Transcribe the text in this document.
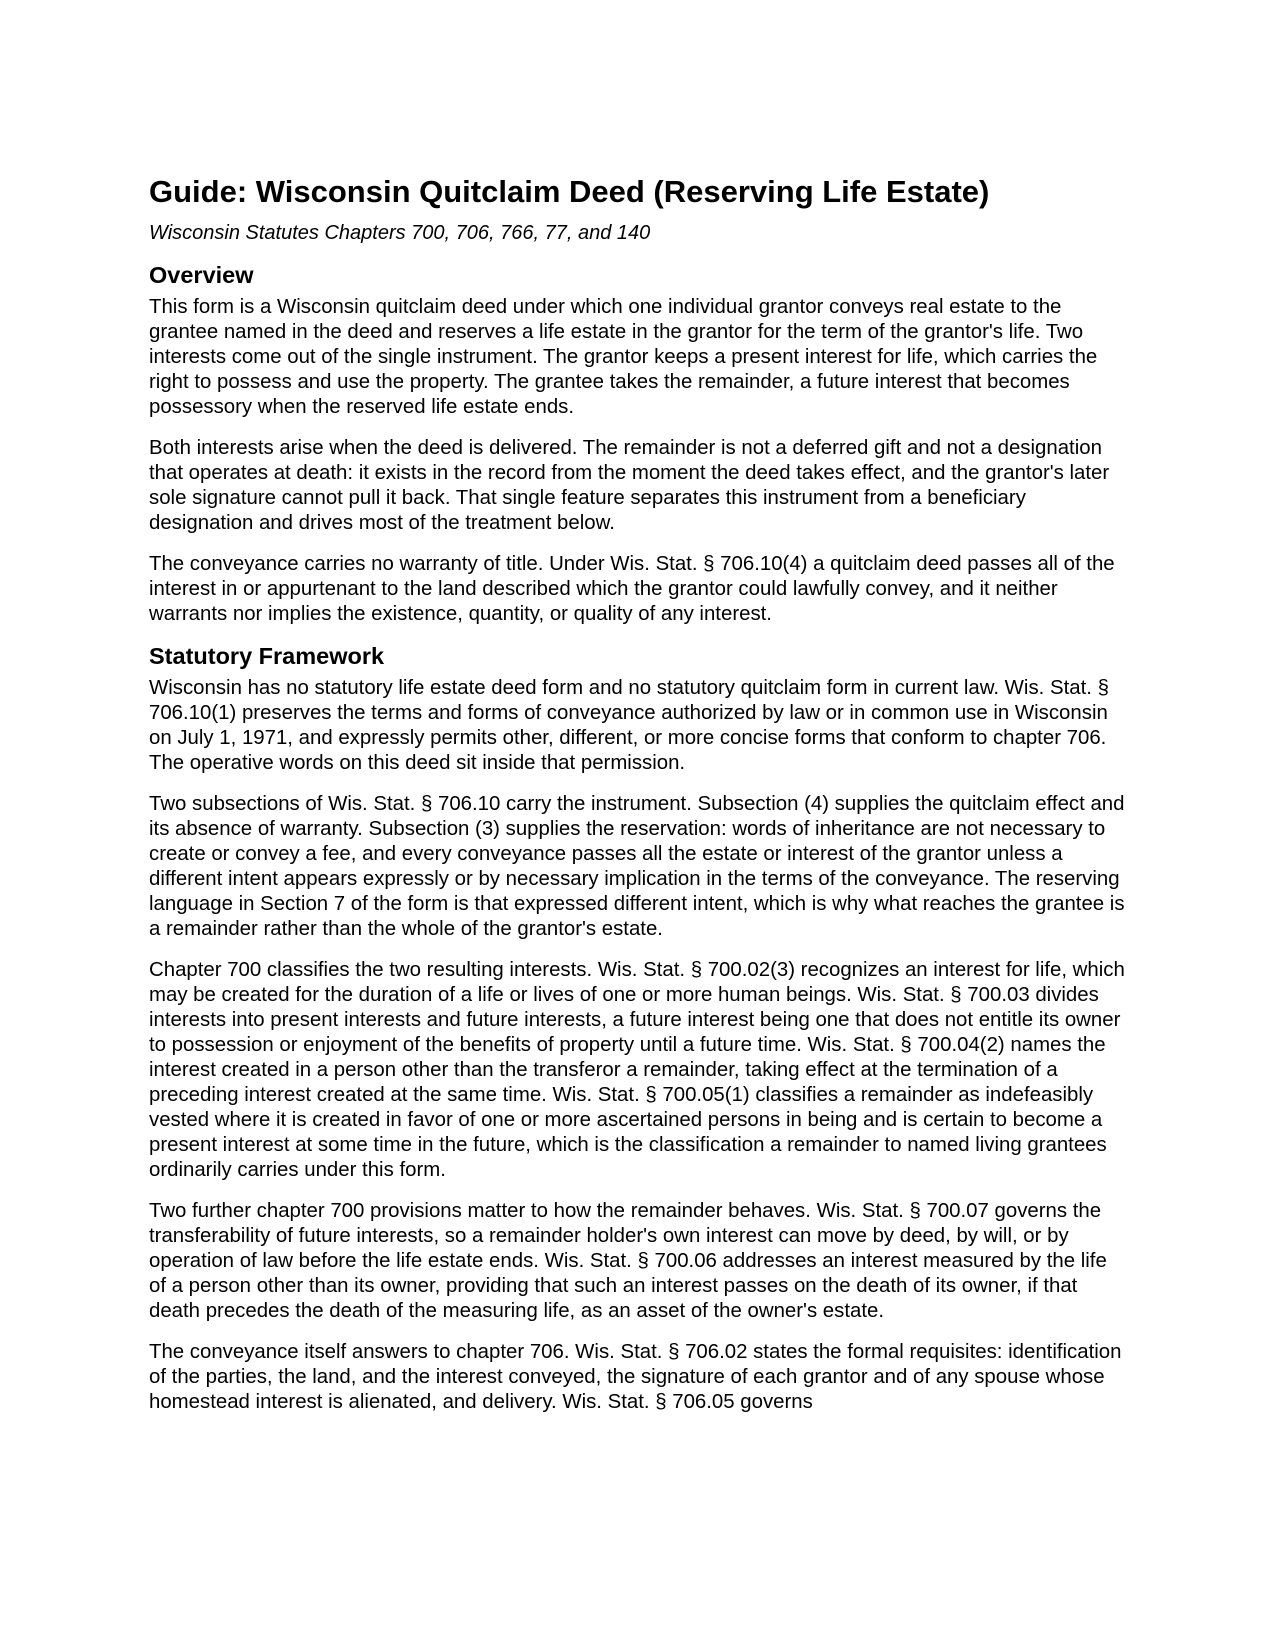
Guide: Wisconsin Quitclaim Deed (Reserving Life Estate)
Wisconsin Statutes Chapters 700, 706, 766, 77, and 140
Overview

This form is a Wisconsin quitclaim deed under which one individual grantor conveys real estate to the grantee named in the deed and reserves a life estate in the grantor for the term of the grantor's life. Two interests come out of the single instrument. The grantor keeps a present interest for life, which carries the right to possess and use the property. The grantee takes the remainder, a future interest that becomes possessory when the reserved life estate ends.

Both interests arise when the deed is delivered. The remainder is not a deferred gift and not a designation that operates at death: it exists in the record from the moment the deed takes effect, and the grantor's later sole signature cannot pull it back. That single feature separates this instrument from a beneficiary designation and drives most of the treatment below.

The conveyance carries no warranty of title. Under Wis. Stat. § 706.10(4) a quitclaim deed passes all of the interest in or appurtenant to the land described which the grantor could lawfully convey, and it neither warrants nor implies the existence, quantity, or quality of any interest.

Statutory Framework

Wisconsin has no statutory life estate deed form and no statutory quitclaim form in current law. Wis. Stat. § 706.10(1) preserves the terms and forms of conveyance authorized by law or in common use in Wisconsin on July 1, 1971, and expressly permits other, different, or more concise forms that conform to chapter 706. The operative words on this deed sit inside that permission.

Two subsections of Wis. Stat. § 706.10 carry the instrument. Subsection (4) supplies the quitclaim effect and its absence of warranty. Subsection (3) supplies the reservation: words of inheritance are not necessary to create or convey a fee, and every conveyance passes all the estate or interest of the grantor unless a different intent appears expressly or by necessary implication in the terms of the conveyance. The reserving language in Section 7 of the form is that expressed different intent, which is why what reaches the grantee is a remainder rather than the whole of the grantor's estate.

Chapter 700 classifies the two resulting interests. Wis. Stat. § 700.02(3) recognizes an interest for life, which may be created for the duration of a life or lives of one or more human beings. Wis. Stat. § 700.03 divides interests into present interests and future interests, a future interest being one that does not entitle its owner to possession or enjoyment of the benefits of property until a future time. Wis. Stat. § 700.04(2) names the interest created in a person other than the transferor a remainder, taking effect at the termination of a preceding interest created at the same time. Wis. Stat. § 700.05(1) classifies a remainder as indefeasibly vested where it is created in favor of one or more ascertained persons in being and is certain to become a present interest at some time in the future, which is the classification a remainder to named living grantees ordinarily carries under this form.

Two further chapter 700 provisions matter to how the remainder behaves. Wis. Stat. § 700.07 governs the transferability of future interests, so a remainder holder's own interest can move by deed, by will, or by operation of law before the life estate ends. Wis. Stat. § 700.06 addresses an interest measured by the life of a person other than its owner, providing that such an interest passes on the death of its owner, if that death precedes the death of the measuring life, as an asset of the owner's estate.

The conveyance itself answers to chapter 706. Wis. Stat. § 706.02 states the formal requisites: identification of the parties, the land, and the interest conveyed, the signature of each grantor and of any spouse whose homestead interest is alienated, and delivery. Wis. Stat. § 706.05 governs
